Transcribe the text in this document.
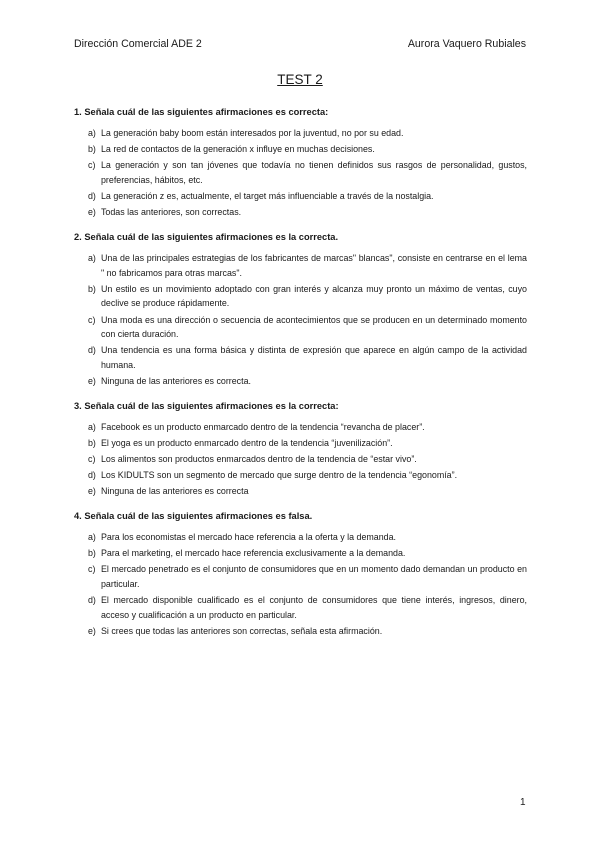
Dirección Comercial ADE 2	Aurora Vaquero Rubiales
TEST 2
1. Señala cuál de las siguientes afirmaciones es correcta:
a) La generación baby boom están interesados por la juventud, no por su edad.
b) La red de contactos de la generación x influye en muchas decisiones.
c) La generación y son tan jóvenes que todavía no tienen definidos sus rasgos de personalidad, gustos, preferencias, hábitos, etc.
d) La generación z es, actualmente, el target más influenciable a través de la nostalgia.
e) Todas las anteriores, son correctas.
2. Señala cuál de las siguientes afirmaciones es la correcta.
a) Una de las principales estrategias de los fabricantes de marcas" blancas", consiste en centrarse en el lema " no fabricamos para otras marcas".
b) Un estilo es un movimiento adoptado con gran interés y alcanza muy pronto un máximo de ventas, cuyo declive se produce rápidamente.
c) Una moda es una dirección o secuencia de acontecimientos que se producen en un determinado momento con cierta duración.
d) Una tendencia es una forma básica y distinta de expresión que aparece en algún campo de la actividad humana.
e) Ninguna de las anteriores es correcta.
3. Señala cuál de las siguientes afirmaciones es la correcta:
a) Facebook es un producto enmarcado dentro de la tendencia “revancha de placer”.
b) El yoga es un producto enmarcado dentro de la tendencia “juvenilización”.
c) Los alimentos son productos enmarcados dentro de la tendencia de “estar vivo”.
d) Los KIDULTS son un segmento de mercado que surge dentro de la tendencia “egonomía”.
e) Ninguna de las anteriores es correcta
4. Señala cuál de las siguientes afirmaciones es falsa.
a) Para los economistas el mercado hace referencia a la oferta y la demanda.
b) Para el marketing, el mercado hace referencia exclusivamente a la demanda.
c) El mercado penetrado es el conjunto de consumidores que en un momento dado demandan un producto en particular.
d) El mercado disponible cualificado es el conjunto de consumidores que tiene interés, ingresos, dinero, acceso y cualificación a un producto en particular.
e) Si crees que todas las anteriores son correctas, señala esta afirmación.
1
